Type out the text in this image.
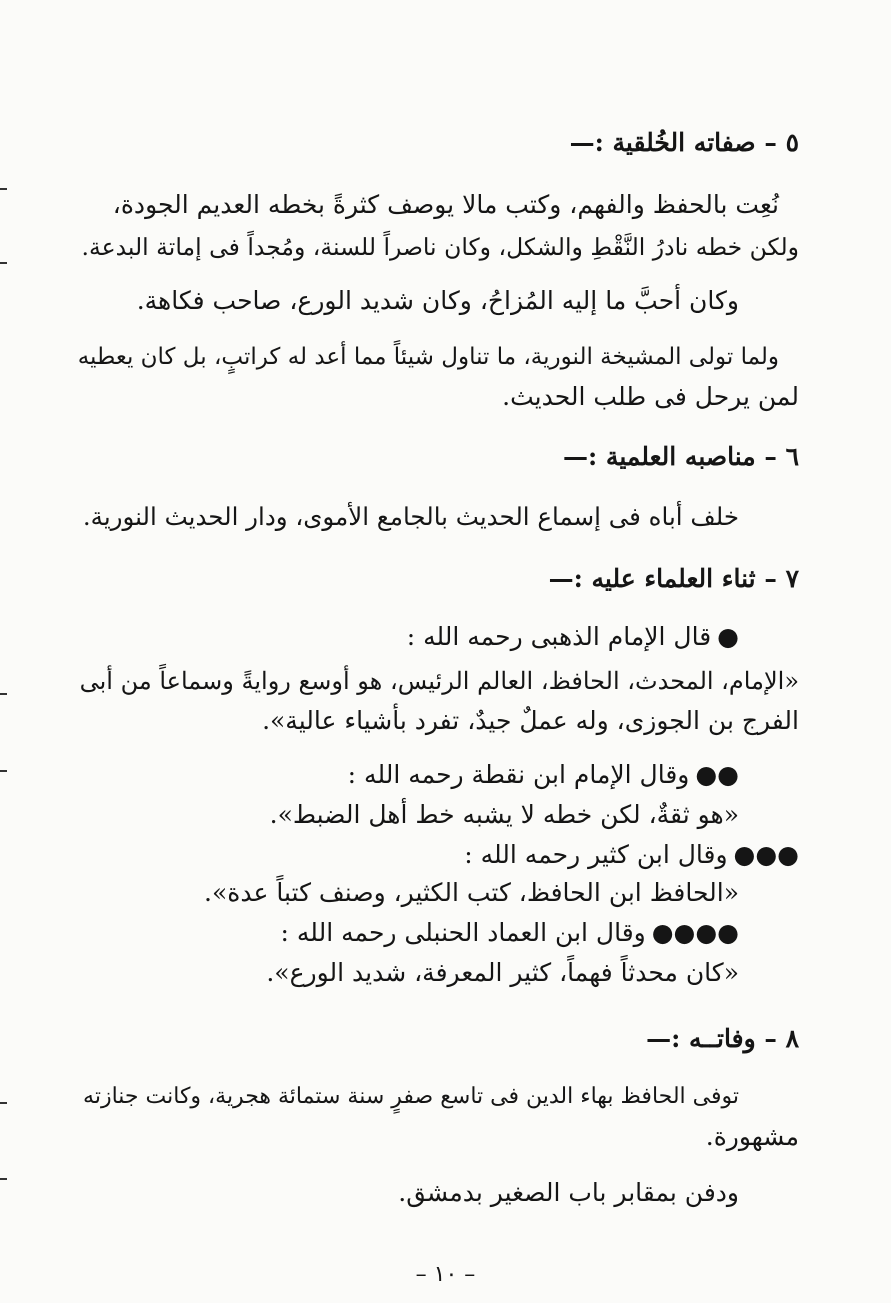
٥ – صفاته الخُلقية :—
نُعِت بالحفظ والفهم، وكتب مالا يوصف كثرةً بخطه العديم الجودة،
ولكن خطه نادرُ النَّقْطِ والشكل، وكان ناصراً للسنة، ومُجداً فى إماتة البدعة.
وكان أحبَّ ما إليه المُزاحُ، وكان شديد الورع، صاحب فكاهة.
ولما تولى المشيخة النورية، ما تناول شيئاً مما أعد له كراتبٍ، بل كان يعطيه
لمن يرحل فى طلب الحديث.
٦ – مناصبه العلمية :—
خلف أباه فى إسماع الحديث بالجامع الأموى، ودار الحديث النورية.
٧ – ثناء العلماء عليه :—
●قال الإمام الذهبى رحمه الله :
«الإمام، المحدث، الحافظ، العالم الرئيس، هو أوسع روايةً وسماعاً من أبى
الفرج بن الجوزى، وله عملٌ جيدٌ، تفرد بأشياء عالية».
●●وقال الإمام ابن نقطة رحمه الله :
«هو ثقةٌ، لكن خطه لا يشبه خط أهل الضبط».
●●●وقال ابن كثير رحمه الله :
«الحافظ ابن الحافظ، كتب الكثير، وصنف كتباً عدة».
●●●●وقال ابن العماد الحنبلى رحمه الله :
«كان محدثاً فهماً، كثير المعرفة، شديد الورع».
٨ – وفاتــه :—
توفى الحافظ بهاء الدين فى تاسع صفرٍ سنة ستمائة هجرية، وكانت جنازته
مشهورة.
ودفن بمقابر باب الصغير بدمشق.
– ١٠ –
